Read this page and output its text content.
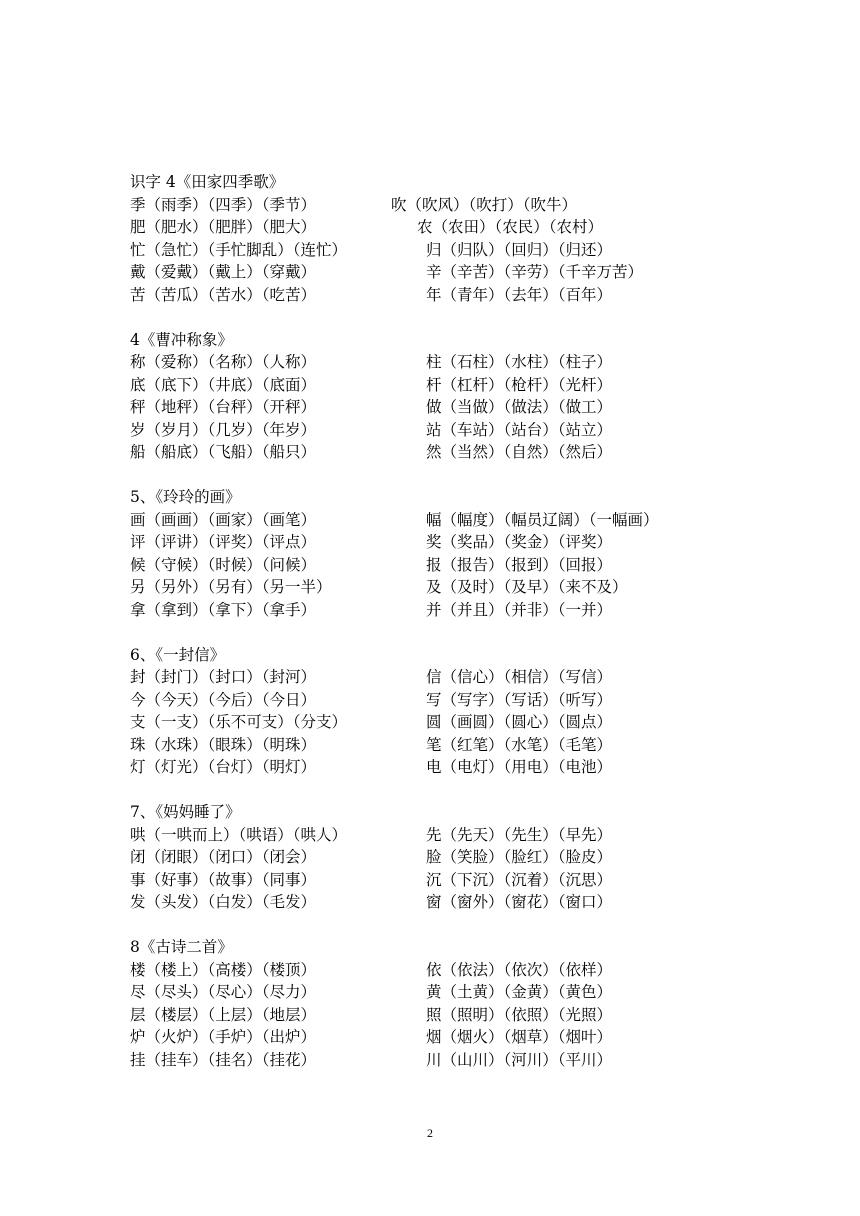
识字 4《田家四季歌》
季（雨季）（四季）（季节）	吹（吹风）（吹打）（吹牛）
肥（肥水）（肥胖）（肥大）	农（农田）（农民）（农村）
忙（急忙）（手忙脚乱）（连忙）	归（归队）（回归）（归还）
戴（爱戴）（戴上）（穿戴）	辛（辛苦）（辛劳）（千辛万苦）
苦（苦瓜）（苦水）（吃苦）	年（青年）（去年）（百年）
4《曹冲称象》
称（爱称）（名称）（人称）	柱（石柱）（水柱）（柱子）
底（底下）（井底）（底面）	杆（杠杆）（枪杆）（光杆）
秤（地秤）（台秤）（开秤）	做（当做）（做法）（做工）
岁（岁月）（几岁）（年岁）	站（车站）（站台）（站立）
船（船底）（飞船）（船只）	然（当然）（自然）（然后）
5、《玲玲的画》
画（画画）（画家）（画笔）	幅（幅度）（幅员辽阔）（一幅画）
评（评讲）（评奖）（评点）	奖（奖品）（奖金）（评奖）
候（守候）（时候）（问候）	报（报告）（报到）（回报）
另（另外）（另有）（另一半）	及（及时）（及早）（来不及）
拿（拿到）（拿下）（拿手）	并（并且）（并非）（一并）
6、《一封信》
封（封门）（封口）（封河）	信（信心）（相信）（写信）
今（今天）（今后）（今日）	写（写字）（写话）（听写）
支（一支）（乐不可支）（分支）	圆（画圆）（圆心）（圆点）
珠（水珠）（眼珠）（明珠）	笔（红笔）（水笔）（毛笔）
灯（灯光）（台灯）（明灯）	电（电灯）（用电）（电池）
7、《妈妈睡了》
哄（一哄而上）（哄语）（哄人）	先（先天）（先生）（早先）
闭（闭眼）（闭口）（闭会）	脸（笑脸）（脸红）（脸皮）
事（好事）（故事）（同事）	沉（下沉）（沉着）（沉思）
发（头发）（白发）（毛发）	窗（窗外）（窗花）（窗口）
8《古诗二首》
楼（楼上）（高楼）（楼顶）	依（依法）（依次）（依样）
尽（尽头）（尽心）（尽力）	黄（土黄）（金黄）（黄色）
层（楼层）（上层）（地层）	照（照明）（依照）（光照）
炉（火炉）（手炉）（出炉）	烟（烟火）（烟草）（烟叶）
挂（挂车）（挂名）（挂花）	川（山川）（河川）（平川）
2
